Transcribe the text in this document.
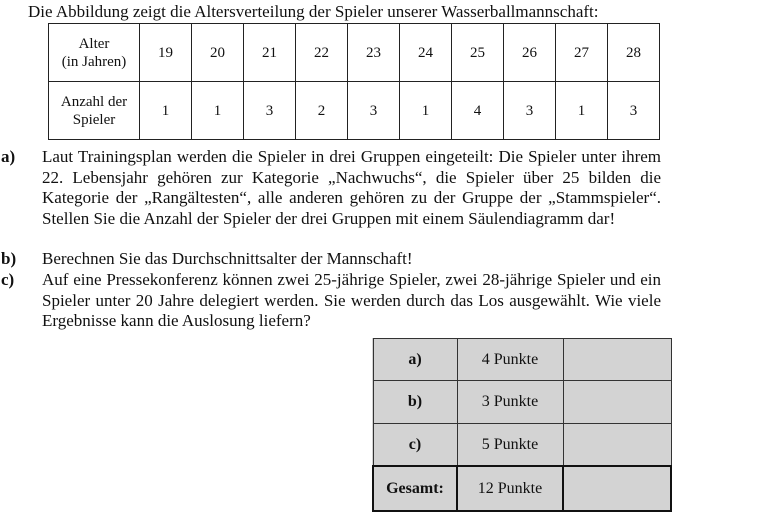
Die Abbildung zeigt die Altersverteilung der Spieler unserer Wasserballmannschaft:
Alter
(in Jahren)	19	20	21	22	23	24	25	26	27	28
Anzahl der
Spieler	1	1	3	2	3	1	4	3	1	3
a)	Laut Trainingsplan werden die Spieler in drei Gruppen eingeteilt: Die Spieler unter ihrem 22. Lebensjahr gehören zur Kategorie „Nachwuchs“, die Spieler über 25 bilden die Kategorie der „Rangältesten“, alle anderen gehören zu der Gruppe der „Stammspieler“. Stellen Sie die Anzahl der Spieler der drei Gruppen mit einem Säulendiagramm dar!
b)	Berechnen Sie das Durchschnittsalter der Mannschaft!
c)	Auf eine Pressekonferenz können zwei 25-jährige Spieler, zwei 28-jährige Spieler und ein Spieler unter 20 Jahre delegiert werden. Sie werden durch das Los ausgewählt. Wie viele Ergebnisse kann die Auslosung liefern?
a)	4 Punkte	
b)	3 Punkte	
c)	5 Punkte	
Gesamt:	12 Punkte	
